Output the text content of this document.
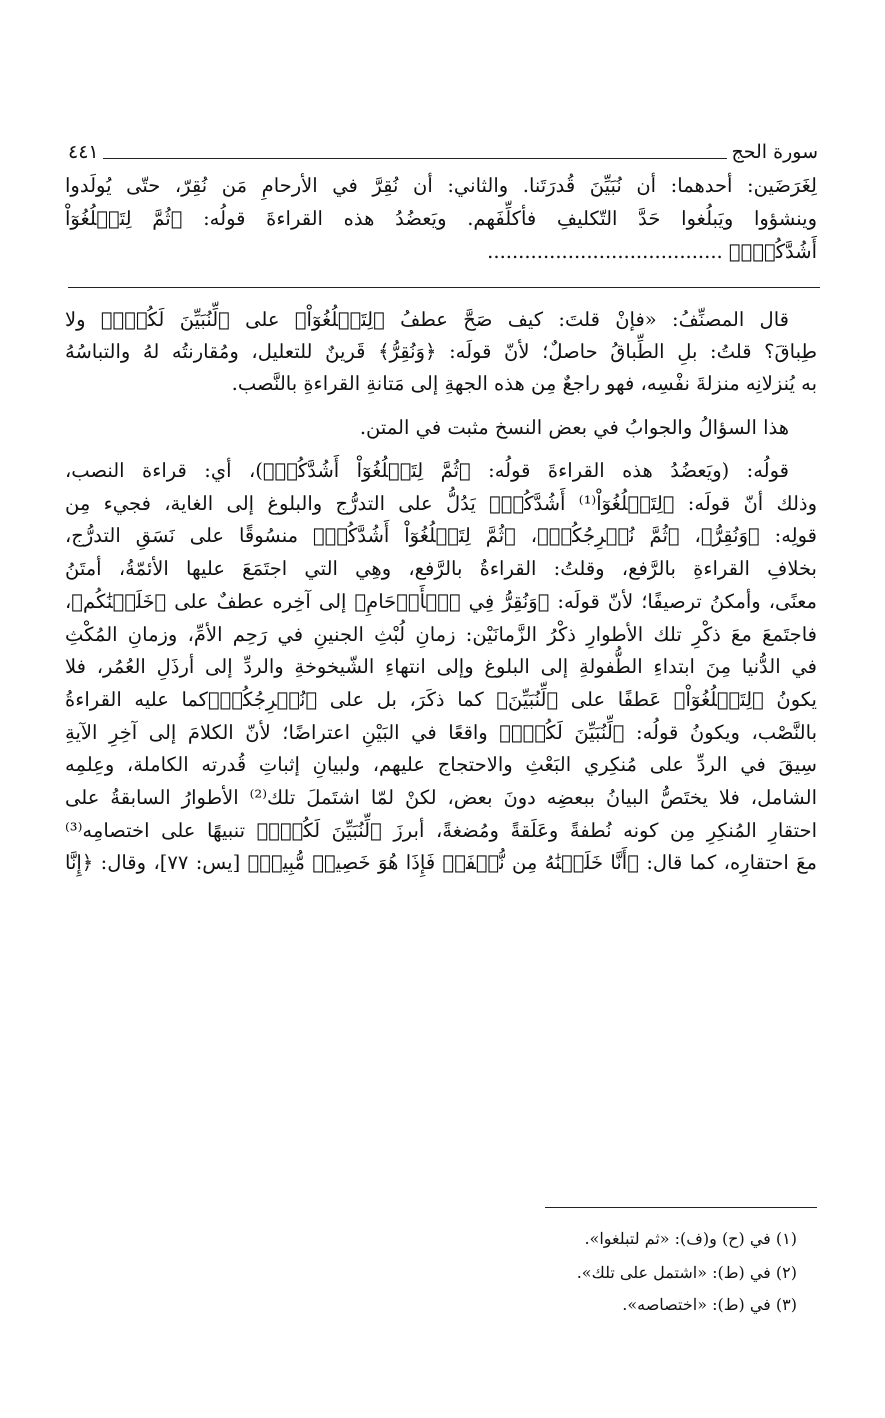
سورة الحج
٤٤١
لِغَرَضَين: أحدهما: أن نُبَيِّنَ قُدرَتَنا. والثاني: أن نُقِرَّ في الأرحامِ مَن نُقِرّ، حتّى يُولَدوا
وينشؤوا ويَبلُغوا حَدَّ التّكليفِ فأكلِّفَهم. ويَعضُدُ هذه القراءةَ قولُه: ﴿ثُمَّ لِتَبۡلُغُوٓاْ
أَشُدَّكُمۡۖ﴾ ......................................
قال المصنِّفُ: «فإنْ قلتَ: كيف صَحَّ عطفُ ﴿لِتَبۡلُغُوٓاْ﴾ على ﴿لِّنُبَيِّنَ لَكُمۡۚ﴾ ولا
طِباقَ؟ قلتُ: بلِ الطِّباقُ حاصلٌ؛ لأنّ قولَه: ﴿وَنُقِرُّ﴾ قَرينٌ للتعليل، ومُقارنتُه لهُ والتباسُهُ
به يُنزلانِه منزلةَ نفْسِه، فهو راجعٌ مِن هذه الجهةِ إلى مَتانةِ القراءةِ بالنَّصب.
هذا السؤالُ والجوابُ في بعض النسخ مثبت في المتن.
قولُه: (ويَعضُدُ هذه القراءةَ قولُه: ﴿ثُمَّ لِتَبۡلُغُوٓاْ أَشُدَّكُمۡ﴾)، أي: قراءة النصب،
وذلك أنّ قولَه: ﴿لِتَبۡلُغُوٓاْ⁽¹⁾ أَشُدَّكُمۡ﴾ يَدُلُّ على التدرُّج والبلوغ إلى الغاية، فجيء مِن
قولِه: ﴿وَنُقِرُّ﴾، ﴿ثُمَّ نُخۡرِجُكُمۡ﴾، ﴿ثُمَّ لِتَبۡلُغُوٓاْ أَشُدَّكُمۡ﴾ منسُوقًا على نَسَقِ التدرُّج،
بخلافِ القراءةِ بالرَّفع، وقلتُ: القراءةُ بالرَّفع، وهِي التي اجتَمَعَ عليها الأئمّةُ، أمتَنُ
معنًى، وأمكنُ ترصيفًا؛ لأنّ قولَه: ﴿وَنُقِرُّ فِي ٱلۡأَرۡحَامِ﴾ إلى آخِره عطفٌ على ﴿خَلَقۡنَٰكُم﴾،
فاجتَمعَ معَ ذكْرِ تلك الأطوارِ ذكْرُ الزَّمانَيْن: زمانِ لُبْثِ الجنينِ في رَحِم الأمِّ، وزمانِ المُكْثِ
في الدُّنيا مِنَ ابتداءِ الطُّفولةِ إلى البلوغ وإلى انتهاءِ الشّيخوخةِ والردِّ إلى أرذَلِ العُمُر، فلا
يكونُ ﴿لِتَبۡلُغُوٓاْ﴾ عَطفًا على ﴿لِّنُبَيِّنَ﴾ كما ذكَرَ، بل على ﴿نُخۡرِجُكُمۡ﴾كما عليه القراءةُ
بالنَّصْب، ويكونُ قولُه: ﴿لِّنُبَيِّنَ لَكُمۡۚ﴾ واقعًا في البَيْنِ اعتراضًا؛ لأنّ الكلامَ إلى آخِرِ الآيةِ
سِيقَ في الردِّ على مُنكِري البَعْثِ والاحتجاج عليهم، ولبيانِ إثباتِ قُدرته الكاملة، وعِلمِه
الشامل، فلا يختَصُّ البيانُ ببعضِه دونَ بعض، لكنْ لمّا اشتَملَ تلك⁽²⁾ الأطوارُ السابقةُ على
احتقارِ المُنكِرِ مِن كونه نُطفةً وعَلَقةً ومُضغةً، أبرزَ ﴿لِّنُبَيِّنَ لَكُمۡۚ﴾ تنبيهًا على اختصامِه⁽³⁾
معَ احتقارِه، كما قال: ﴿أَنَّا خَلَقۡنَٰهُ مِن نُّطۡفَةٖ فَإِذَا هُوَ خَصِيمٞ مُّبِينٞ﴾ [يس: ٧٧]، وقال: ﴿إِنَّا
(١) في (ح) و(ف): «ثم لتبلغوا».
(٢) في (ط): «اشتمل على تلك».
(٣) في (ط): «اختصاصه».
